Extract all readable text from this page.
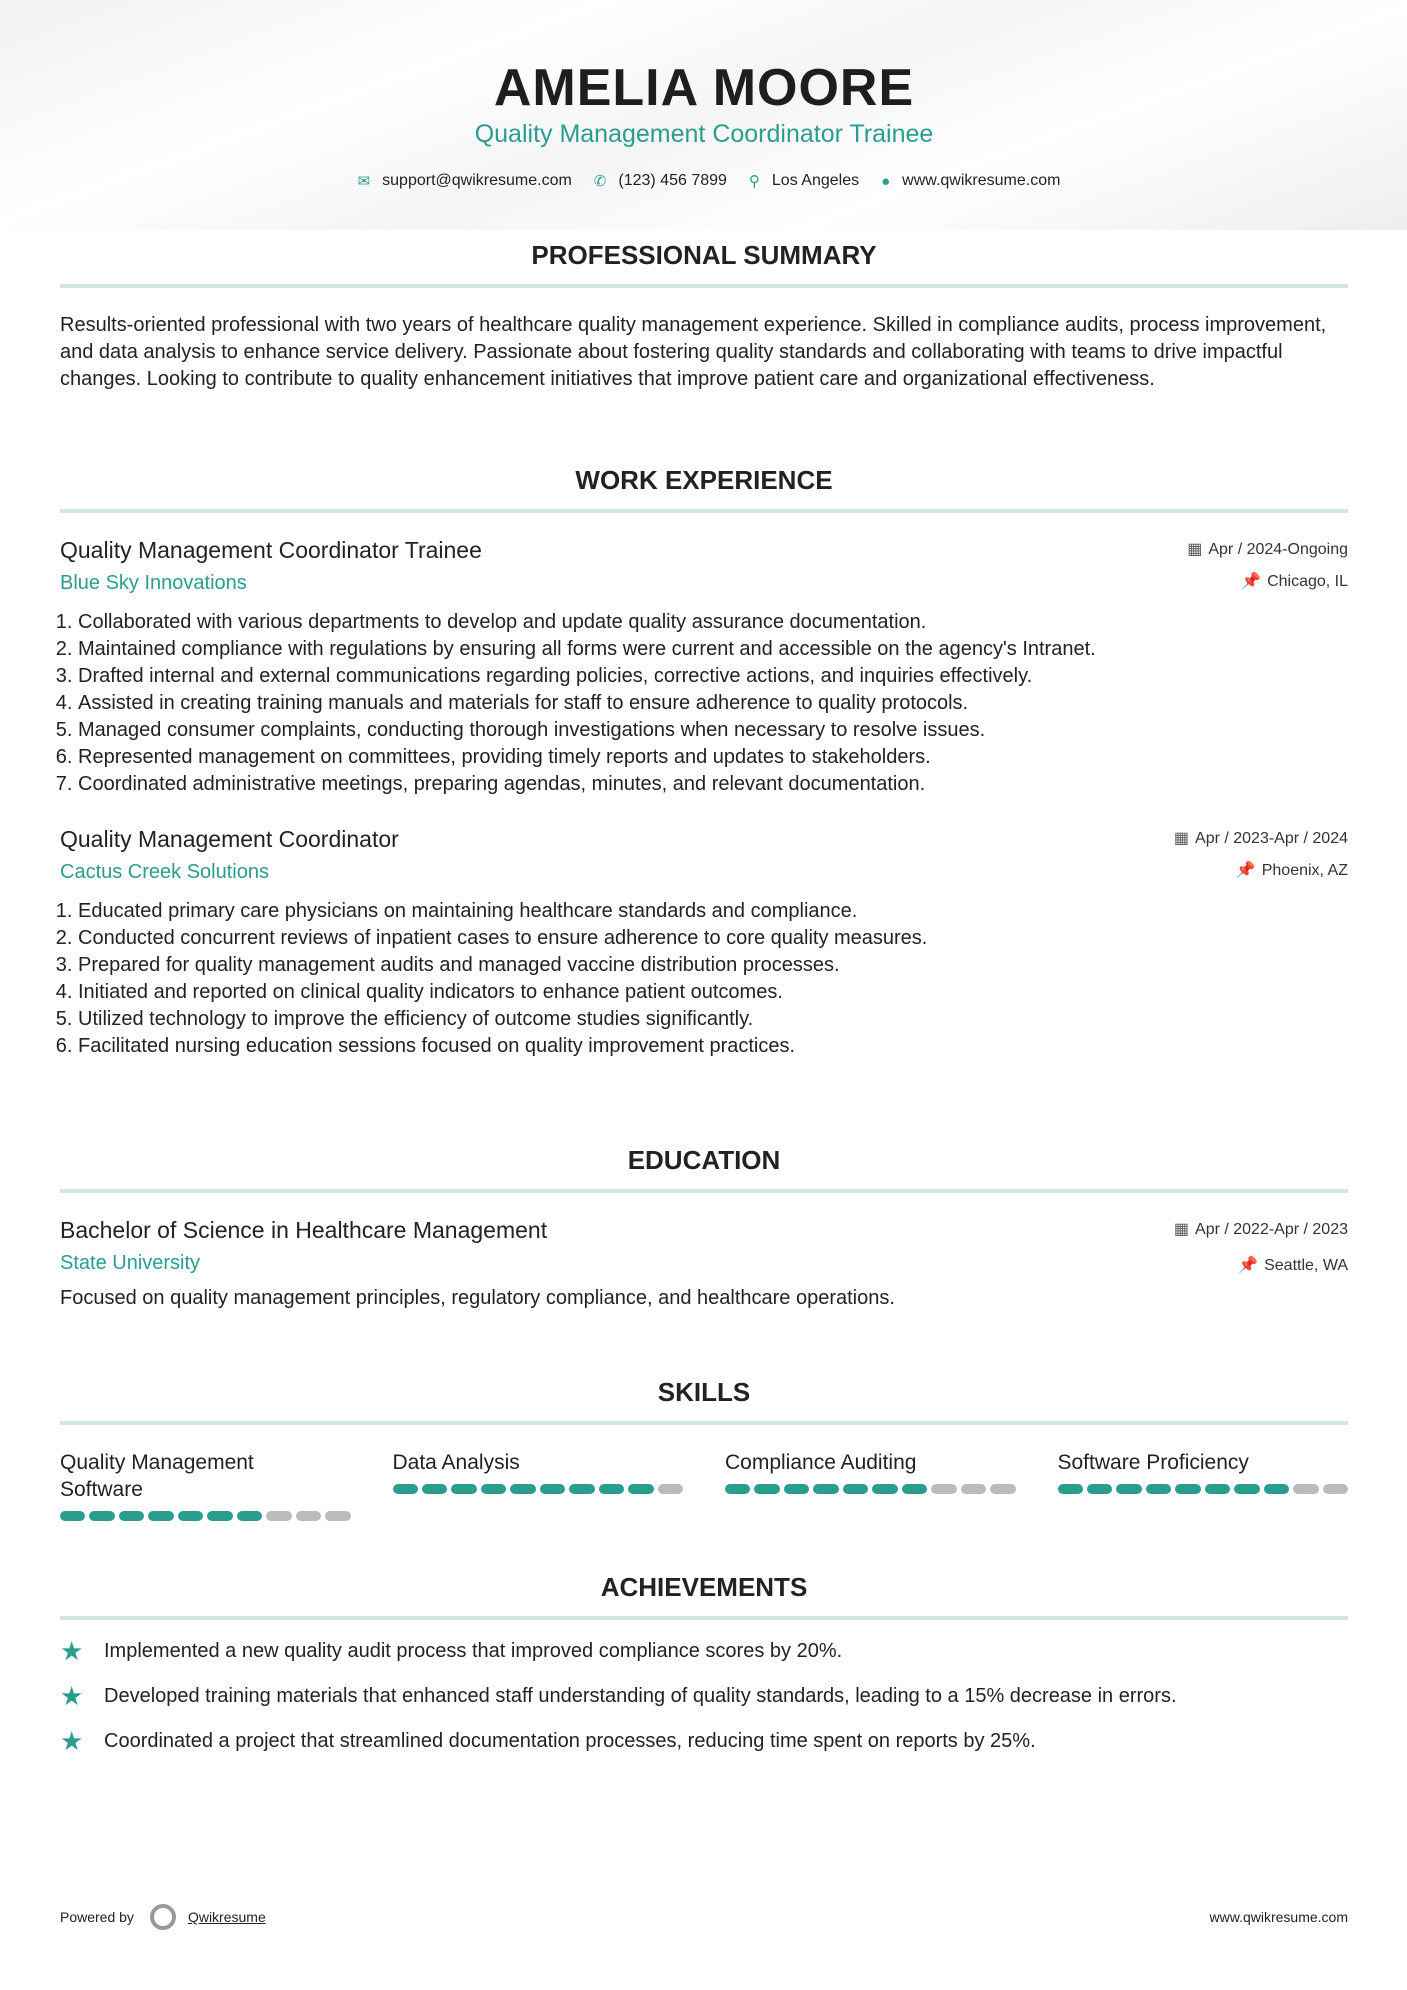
AMELIA MOORE
Quality Management Coordinator Trainee
✉ support@qwikresume.com ✆ (123) 456 7899 ⚲ Los Angeles ● www.qwikresume.com
PROFESSIONAL SUMMARY

Results-oriented professional with two years of healthcare quality management experience. Skilled in compliance audits, process improvement, and data analysis to enhance service delivery. Passionate about fostering quality standards and collaborating with teams to drive impactful changes. Looking to contribute to quality enhancement initiatives that improve patient care and organizational effectiveness.

WORK EXPERIENCE
▦ Apr / 2024-Ongoing
📌 Chicago, IL
Quality Management Coordinator Trainee
Blue Sky Innovations
1. Collaborated with various departments to develop and update quality assurance documentation.
2. Maintained compliance with regulations by ensuring all forms were current and accessible on the agency's Intranet.
3. Drafted internal and external communications regarding policies, corrective actions, and inquiries effectively.
4. Assisted in creating training manuals and materials for staff to ensure adherence to quality protocols.
5. Managed consumer complaints, conducting thorough investigations when necessary to resolve issues.
6. Represented management on committees, providing timely reports and updates to stakeholders.
7. Coordinated administrative meetings, preparing agendas, minutes, and relevant documentation.
▦ Apr / 2023-Apr / 2024
📌 Phoenix, AZ
Quality Management Coordinator
Cactus Creek Solutions
1. Educated primary care physicians on maintaining healthcare standards and compliance.
2. Conducted concurrent reviews of inpatient cases to ensure adherence to core quality measures.
3. Prepared for quality management audits and managed vaccine distribution processes.
4. Initiated and reported on clinical quality indicators to enhance patient outcomes.
5. Utilized technology to improve the efficiency of outcome studies significantly.
6. Facilitated nursing education sessions focused on quality improvement practices.
EDUCATION
▦ Apr / 2022-Apr / 2023
📌 Seattle, WA
Bachelor of Science in Healthcare Management
State University

Focused on quality management principles, regulatory compliance, and healthcare operations.

SKILLS
Quality Management Software
Data Analysis	Compliance Auditing	Software Proficiency
ACHIEVEMENTS
★	Implemented a new quality audit process that improved compliance scores by 20%.
★	Developed training materials that enhanced staff understanding of quality standards, leading to a 15% decrease in errors.
★	Coordinated a project that streamlined documentation processes, reducing time spent on reports by 25%.
Powered by	Qwikresume	www.qwikresume.com
